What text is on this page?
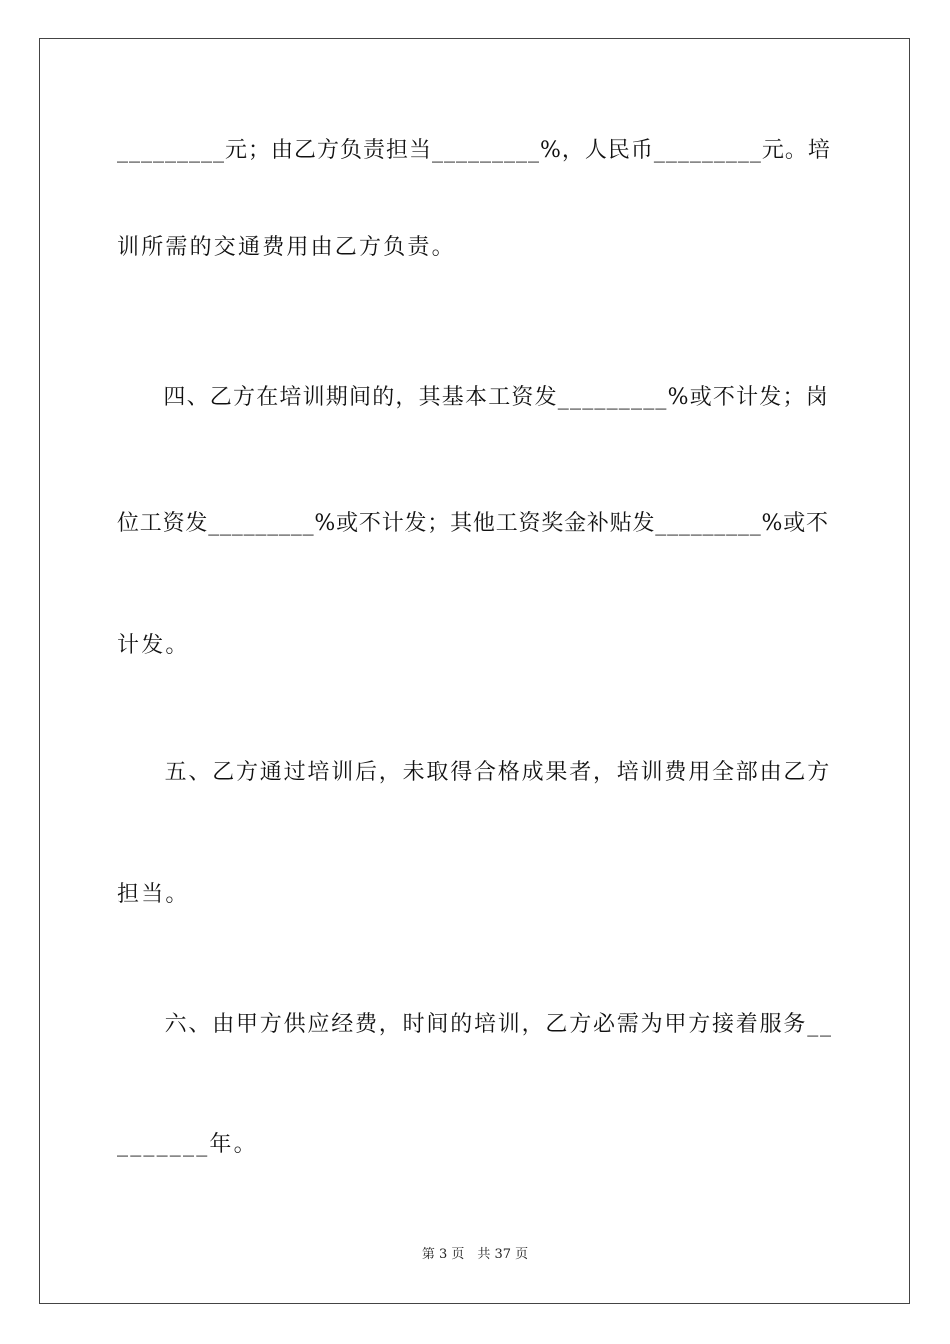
_________元；由乙方负责担当_________%，人民币_________元。培
训所需的交通费用由乙方负责。
　　四、乙方在培训期间的，其基本工资发_________%或不计发；岗
位工资发_________%或不计发；其他工资奖金补贴发_________%或不
计发。
　　五、乙方通过培训后，未取得合格成果者，培训费用全部由乙方
担当。
　　六、由甲方供应经费，时间的培训，乙方必需为甲方接着服务__
_______年。
第 3 页　共 37 页
